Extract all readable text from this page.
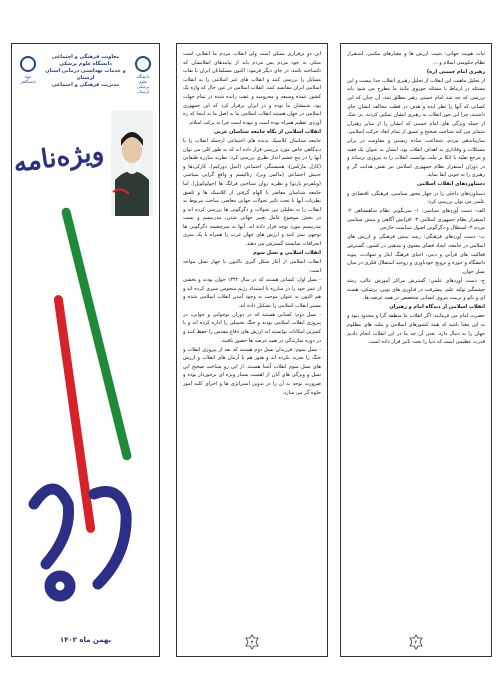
جهاد دانشگاهی
معاونت فرهنگی و اجتماعی دانشگاه علوم پزشکی
و خدمات بهداشتی درمانی استان لرستان
مدیریت فرهنگی و اجتماعی
دانشگاه علوم پزشکی لرستان
ویژه‌نامه
بهمن ماه ۱۴۰۲

این دو برقراری ممکن است ولی انقلاب مردم ما انقلابی است متکی به خود مردم پس مردم باید از پیامدهای انقلابشان که ناشناخته باشد، در جای دیگر فرمود: اکنون مسلمانان ایران با نقاب مسایل را بررسی کنند و انقلاب های غیر اسلامی را به انقلاب اسلامی ایران مقایسه کنند. انقلاب اسلامی در عین حال که واژه یک کشور عمده وسیعه و محرومیه و عقب رانده شده در تمام جهات بود، شمشان ما بوده و در ایران برقرار کرد که این جمهوری اسلامی در جهان هستند انقلاب اسلامی ما به اصل ما به اینجا که ره آوردی عظیم همراه بوده است و نبوده است چرا به برکت اسلام.

انقلاب اسلامی از نگاه جامعه شناسان غربی

جامعه شناسان کلاسیک پدیده های اجتماعی ازجمله انقلاب را با دیدگاهی خاص مورد بررسی قرار داده اند که به طور کلی می توان آنها را در پنج چشم انداز نظری بررسی کرد: نظریه مبارزه طبقاتی (کارل مارکس)، همبستگی اجتماعی (امیل دورکیم)، کارکردها و جنبش اجتماعی (ماکس وبر)، رئالیسم و واقع گرایی سیاسی (ویلفردو پارتو) و نظریه روان شناختی فرانگ ها (جولوکویل). اما جامعه شناسان معاصر با الهام گرفتن از کلاسیک ها و تلفیق نظریات آنها با تحت تاثیر تحولات جهانی معاصر، مباحث مربوط به انقلاب را به تحلیلی بین تحولات و دگرگونی ها بررسی کرده اند و در بخش موضوع عامل تغییر جهانی شدن، مدرنیسم و پست مدرنیسم مورد توجه قرار داده اند. آنها به سرچشمه دگرگونی ها توجهی نمی کنند و ارزش های جهان غرب را همراه با یک سری انحرافات شایسته گسترش می دهند.

انقلاب اسلامی و نسل سوم

انقلاب اسلامی از آغاز شکل گیری تاکنون با چهار نسل مواجه است:

- نسل اول: کسانی هستند که در سال ۱۳۴۲ جوان بودند و بخشی از عمر خود را در مبارزه با استبداد رژیم منحوس سپری کرده اند و هم اکنون به عنوان موجب به وجود آمدن انقلاب اسلامی شده و مسیر انقلاب اسلامی را تشکیل داده اند.

- نسل دوم: کسانی هستند که در دوران نوجوانی و جوانی، در پیروزی انقلاب اسلامی بودند و جنگ تحمیلی را اداره کرده اند و با کمترین امکانات توانسته اند ارزش های دفاع مقدس را حفظ کنند و در دوره سازندگی در همه عرصه ها حضور یافتند.

- نسل سوم: فرزندان نسل دوم هستند که بعد از پیروزی انقلاب و جنگ را تجربه نکرده اند و هنوز هم با آرمان های انقلاب و ارزش های نسل سوم انقلاب آشنا هستند. از این رو شناخت صحیح این نسل و ویژگی های آنان از اهمیت بسیار ویژه ای برخوردار بوده و ضرورت توجه به آن را در تدوین استراتژی ها و اجرای کلیه امور جلوه گر می سازد.

۳

ثبات هویت جهانی: تثبیت ارزش ها و معیارهای مکتبی، استقرار نظام حکومتی اسلام و ...

رهبری امام خمینی (ره)

از تحلیل ماهیت این انقلاب از تحلیل رهبری انقلاب جدا نیست و این مسئله در ارتباط با مسئله حوزوی مانند ما مطرح می شود باید بررسی که چه شد امام خمینی رهبر مطلق شد، آن چنان که این کسانی که آنها را نظر ایده و هدف در قطب مخالف ایشان جای داشتند، چرا این جور انقلاب به رهبری ایشان تمکین کردند. بی شک از جمله ویژگی های امام خمینی که ایشان را از سایر رهبران متمایز می کند شناخت صحیح و عمیق از تمام ابعاد حرکت اسلامی، سازماندهی مردم، شجاعت، ساده زیستی و مقاومت در برابر مشکلات و وفاداری به اهداف انقلاب بود. ایشان به عنوان یک فقیه و مرجع تقلید با اتکا بر ملت توانست انقلاب را به پیروزی برساند و در دوران استقرار نظام جمهوری اسلامی نیز نقش هدایت گر و رهبری را به خوبی ایفا نماید.

دستاوردهای انقلاب اسلامی

دستاوردهای داخلی را در چهار محور سیاسی، فرهنگی، اقتصادی و علمی می توان بررسی کرد:

الف- دست آوردهای سیاسی: ۱- سرنگونی نظام شاهنشاهی ۲- استقرار نظام جمهوری اسلامی ۳- افزایش آگاهی و بینش سیاسی مردم ۴- استقلال و دگرگونی اصول سیاست خارجی

ب- دست آوردهای فرهنگی: رشد بینش فرهنگی و ارزش های اسلامی در جامعه، ایجاد فضای معنوی و مذهبی در کشور، گسترش فعالیت های قرآنی و دینی، احیای فرهنگ ایثار و شهادت، پیوند دانشگاه و حوزه و ترویج خودباوری و روحیه استقلال فکری در میان نسل جوان.

ج- دست آوردهای علمی: گسترش مراکز آموزش عالی، رشد چشمگیر تولید علم، پیشرفت در فناوری های نوین، پزشکی، هسته ای و نانو و تربیت نیروی انسانی متخصص در همه عرصه ها.

انقلاب اسلامی از دیدگاه امام و رهبران

حضرت امام می فرمایند: اگر انقلاب ما منطقه گرا و محدود نبود و به این معنا باشد که همه کشورهای اسلامی و ملت های مظلوم جهان را به دنبال دارد، یعنی آن چه ما در این انقلاب انجام دادیم قدرت عظیمی است که دنیا را تحت تاثیر قرار داده است.

۴
